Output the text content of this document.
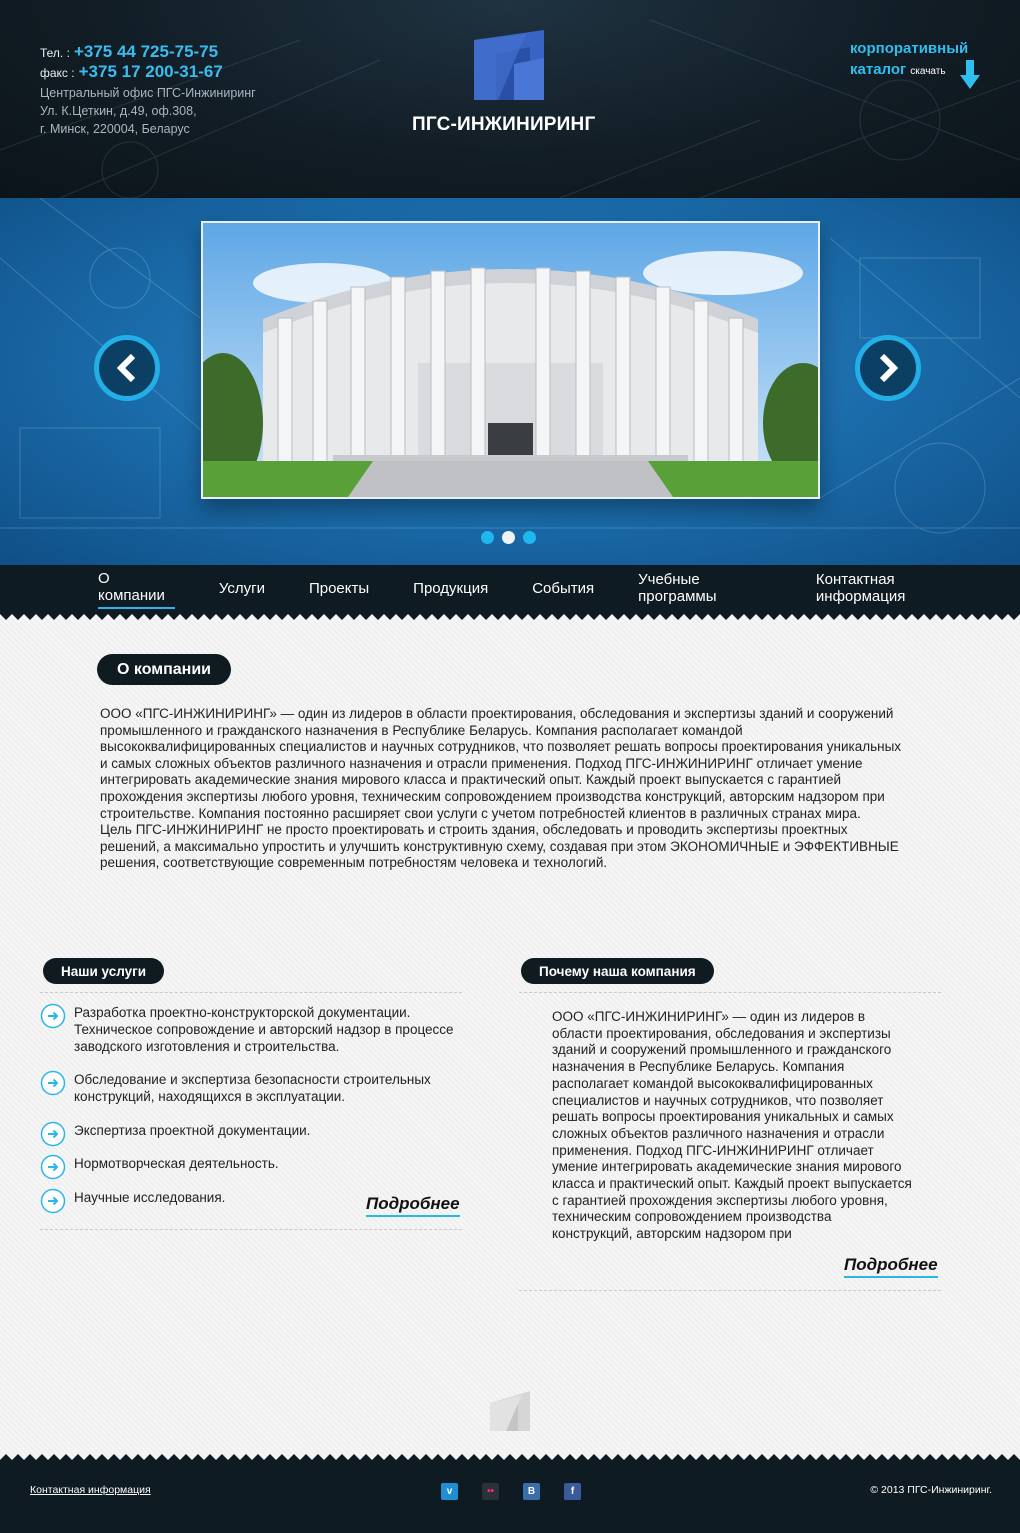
Тел. : +375 44 725-75-75
факс : +375 17 200-31-67
Центральный офис ПГС-Инжиниринг
Ул. К.Цеткин, д.49, оф.308,
г. Минск, 220004, Беларус	ПГС-ИНЖИНИРИНГ
корпоративный
каталог скачать
О компании	Услуги	Проекты	Продукция	События	Учебные программы
Контактная информация
О компании
ООО «ПГС-ИНЖИНИРИНГ» — один из лидеров в области проектирования, обследования и экспертизы зданий и сооружений промышленного и гражданского назначения в Республике Беларусь. Компания располагает командой высококвалифицированных специалистов и научных сотрудников, что позволяет решать вопросы проектирования уникальных и самых сложных объектов различного назначения и отрасли применения. Подход ПГС-ИНЖИНИРИНГ отличает умение интегрировать академические знания мирового класса и практический опыт. Каждый проект выпускается с гарантией прохождения экспертизы любого уровня, техническим сопровождением производства конструкций, авторским надзором при строительстве. Компания постоянно расширяет свои услуги с учетом потребностей клиентов в различных странах мира.
Цель ПГС-ИНЖИНИРИНГ не просто проектировать и строить здания, обследовать и проводить экспертизы проектных решений, а максимально упростить и улучшить конструктивную схему, создавая при этом ЭКОНОМИЧНЫЕ и ЭФФЕКТИВНЫЕ решения, соответствующие современным потребностям человека и технологий.
Наши услуги
Разработка проектно-конструкторской документации. Техническое сопровождение и авторский надзор в процессе заводского изготовления и строительства.
Обследование и экспертиза безопасности строительных конструкций, находящихся в эксплуатации.
Экспертиза проектной документации.
Нормотворческая деятельность.
Научные исследования.	Подробнее
Почему наша компания
ООО «ПГС-ИНЖИНИРИНГ» — один из лидеров в области проектирования, обследования и экспертизы зданий и сооружений промышленного и гражданского назначения в Республике Беларусь. Компания располагает командой высококвалифицированных специалистов и научных сотрудников, что позволяет решать вопросы проектирования уникальных и самых сложных объектов различного назначения и отрасли применения. Подход ПГС-ИНЖИНИРИНГ отличает умение интегрировать академические знания мирового класса и практический опыт. Каждый проект выпускается с гарантией прохождения экспертизы любого уровня, техническим сопровождением производства конструкций, авторским надзором при
Подробнее
Контактная информация	v	••	В	f	© 2013 ПГС-Инжиниринг.
